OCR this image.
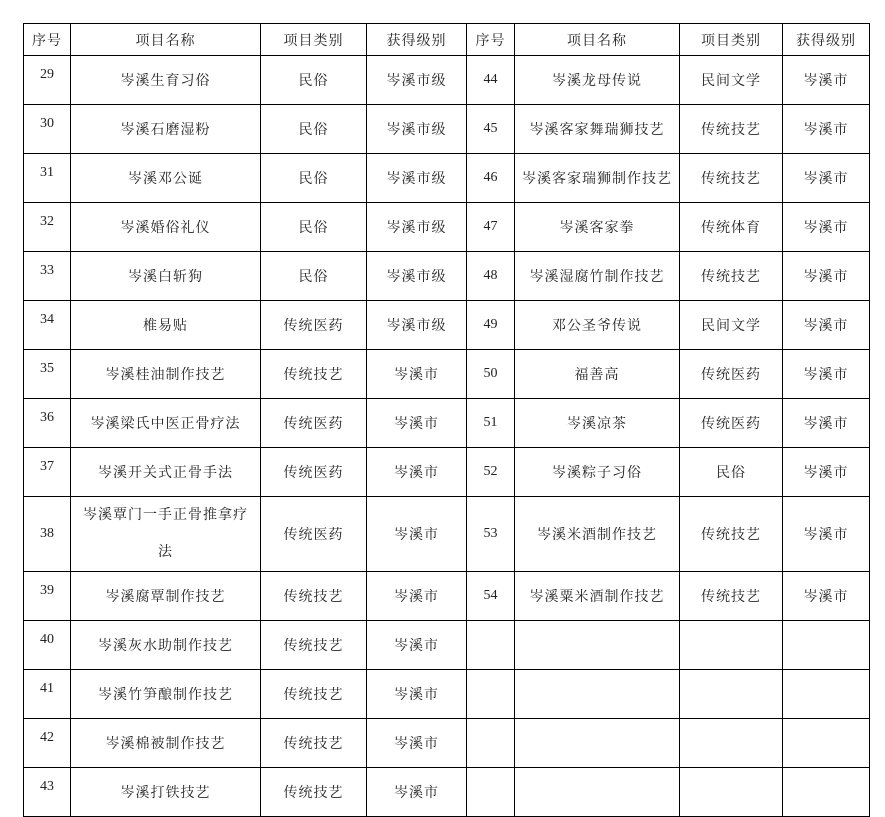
序号	项目名称	项目类别	获得级别	序号	项目名称	项目类别	获得级别
29	岑溪生育习俗	民俗	岑溪市级	44	岑溪龙母传说	民间文学	岑溪市
30	岑溪石磨湿粉	民俗	岑溪市级	45	岑溪客家舞瑞狮技艺	传统技艺	岑溪市
31	岑溪邓公诞	民俗	岑溪市级	46	岑溪客家瑞狮制作技艺	传统技艺	岑溪市
32	岑溪婚俗礼仪	民俗	岑溪市级	47	岑溪客家拳	传统体育	岑溪市
33	岑溪白斩狗	民俗	岑溪市级	48	岑溪湿腐竹制作技艺	传统技艺	岑溪市
34	椎易贴	传统医药	岑溪市级	49	邓公圣爷传说	民间文学	岑溪市
35	岑溪桂油制作技艺	传统技艺	岑溪市	50	福善高	传统医药	岑溪市
36	岑溪梁氏中医正骨疗法	传统医药	岑溪市	51	岑溪凉茶	传统医药	岑溪市
37	岑溪开关式正骨手法	传统医药	岑溪市	52	岑溪粽子习俗	民俗	岑溪市
38	岑溪覃门一手正骨推拿疗法	传统医药	岑溪市	53	岑溪米酒制作技艺	传统技艺	岑溪市
39	岑溪腐覃制作技艺	传统技艺	岑溪市	54	岑溪粟米酒制作技艺	传统技艺	岑溪市
40	岑溪灰水助制作技艺	传统技艺	岑溪市				
41	岑溪竹笋酿制作技艺	传统技艺	岑溪市				
42	岑溪棉被制作技艺	传统技艺	岑溪市				
43	岑溪打铁技艺	传统技艺	岑溪市				
